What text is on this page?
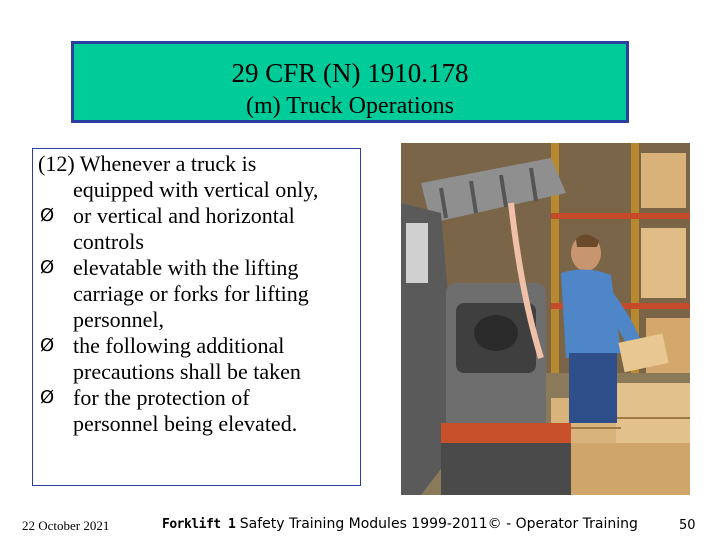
29 CFR (N) 1910.178
(m) Truck Operations
(12) Whenever a truck is
equipped with vertical only,
Ø or vertical and horizontal
controls
Ø elevatable with the lifting
carriage or forks for lifting
personnel,
Ø the following additional
precautions shall be taken
Ø for the protection of
personnel being elevated.
22 October 2021	Forklift 1 Safety Training Modules 1999-2011© - Operator Training	50
